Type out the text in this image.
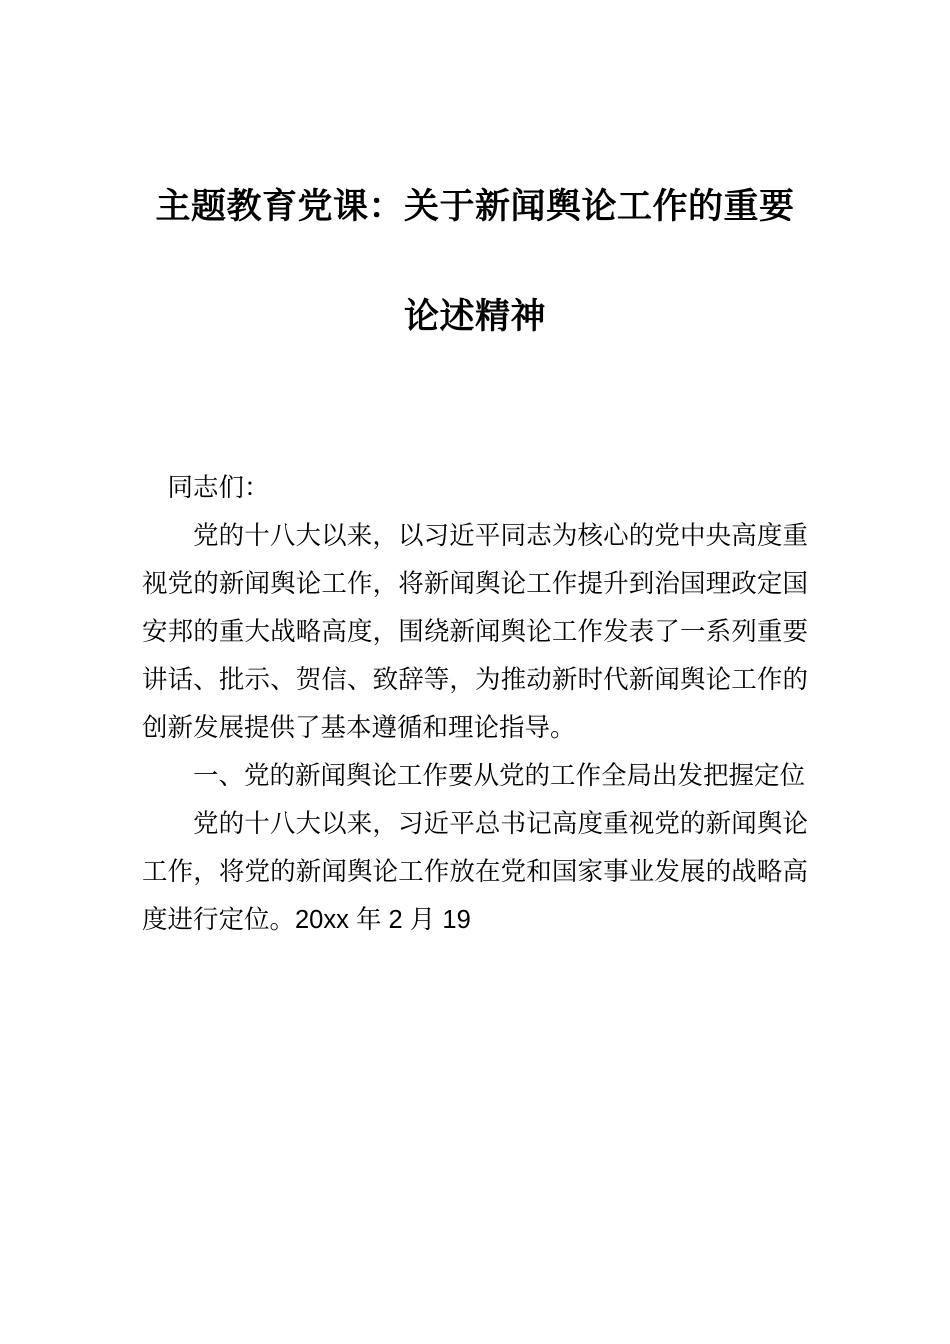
主题教育党课：关于新闻舆论工作的重要论述精神

同志们：

党的十八大以来，以习近平同志为核心的党中央高度重视党的新闻舆论工作，将新闻舆论工作提升到治国理政定国安邦的重大战略高度，围绕新闻舆论工作发表了一系列重要讲话、批示、贺信、致辞等，为推动新时代新闻舆论工作的创新发展提供了基本遵循和理论指导。

一、党的新闻舆论工作要从党的工作全局出发把握定位

党的十八大以来，习近平总书记高度重视党的新闻舆论工作，将党的新闻舆论工作放在党和国家事业发展的战略高度进行定位。20xx 年 2 月 19
